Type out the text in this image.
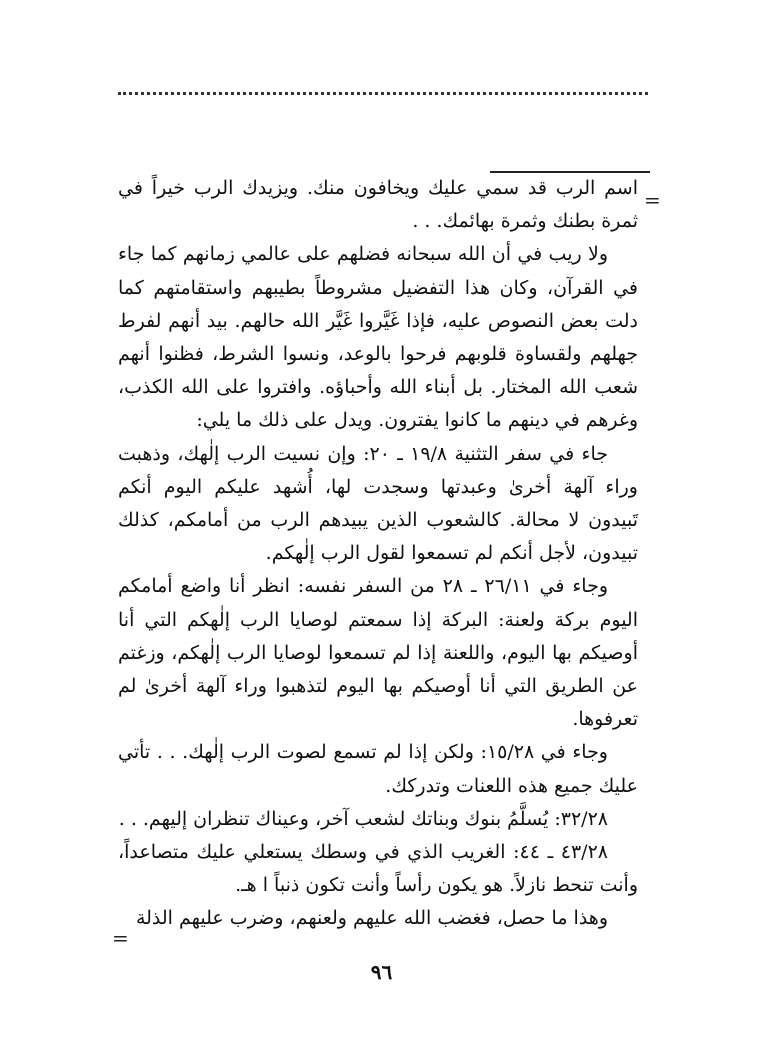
=

اسم الرب قد سمي عليك ويخافون منك. ويزيدك الرب خيراً في ثمرة بطنك وثمرة بهائمك. . .

ولا ريب في أن الله سبحانه فضلهم على عالمي زمانهم كما جاء في القرآن، وكان هذا التفضيل مشروطاً بطيبهم واستقامتهم كما دلت بعض النصوص عليه، فإذا غَيَّروا غَيَّر الله حالهم. بيد أنهم لفرط جهلهم ولقساوة قلوبهم فرحوا بالوعد، ونسوا الشرط، فظنوا أنهم شعب الله المختار. بل أبناء الله وأحباؤه. وافتروا على الله الكذب، وغرهم في دينهم ما كانوا يفترون. ويدل على ذلك ما يلي:

جاء في سفر التثنية ١٩/٨ ـ ٢٠: وإن نسيت الرب إلٰهك، وذهبت وراء آلهة أخرىٰ وعبدتها وسجدت لها، أُشهد عليكم اليوم أنكم تَبيدون لا محالة. كالشعوب الذين يبيدهم الرب من أمامكم، كذلك تبيدون، لأجل أنكم لم تسمعوا لقول الرب إلٰهكم.

وجاء في ٢٦/١١ ـ ٢٨ من السفر نفسه: انظر أنا واضع أمامكم اليوم بركة ولعنة: البركة إذا سمعتم لوصايا الرب إلٰهكم التي أنا أوصيكم بها اليوم، واللعنة إذا لم تسمعوا لوصايا الرب إلٰهكم، وزغتم عن الطريق التي أنا أوصيكم بها اليوم لتذهبوا وراء آلهة أخرىٰ لم تعرفوها.

وجاء في ١٥/٢٨: ولكن إذا لم تسمع لصوت الرب إلٰهك. . . تأتي عليك جميع هذه اللعنات وتدركك.

٣٢/٢٨: يُسلَّمُ بنوك وبناتك لشعب آخر، وعيناك تنظران إليهم. . .

٤٣/٢٨ ـ ٤٤: الغريب الذي في وسطك يستعلي عليك متصاعداً، وأنت تنحط نازلاً. هو يكون رأساً وأنت تكون ذنباً ا هـ.

وهذا ما حصل، فغضب الله عليهم ولعنهم، وضرب عليهم الذلة

=
٩٦
